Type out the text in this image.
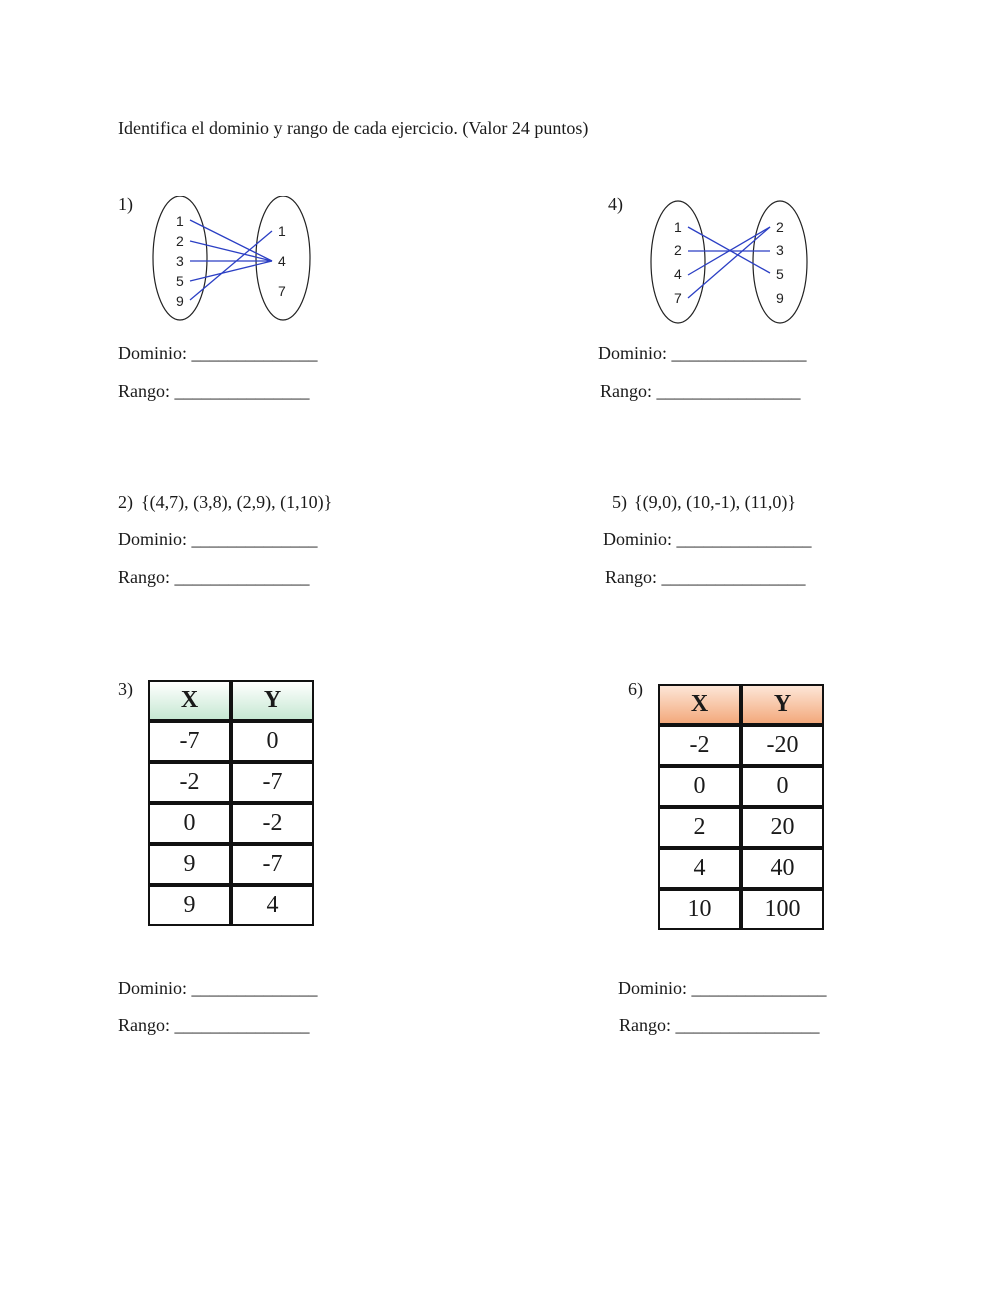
Identifica el dominio y rango de cada ejercicio. (Valor 24 puntos)
1)
1
2
3
5
9
1
4
7
Dominio: ______________
Rango: _______________
4)
1
2
4
7
2
3
5
9
Dominio: _______________
Rango: ________________
2) {(4,7), (3,8), (2,9), (1,10)}
Dominio: ______________
Rango: _______________
5) {(9,0), (10,-1), (11,0)}
Dominio: _______________
Rango: ________________
3) X	Y
-7	0
-2	-7
0	-2
9	-7
9	4
Dominio: ______________
Rango: _______________
6)
X	Y
-2	-20
0	0
2	20
4	40
10	100
Dominio: _______________
Rango: ________________
